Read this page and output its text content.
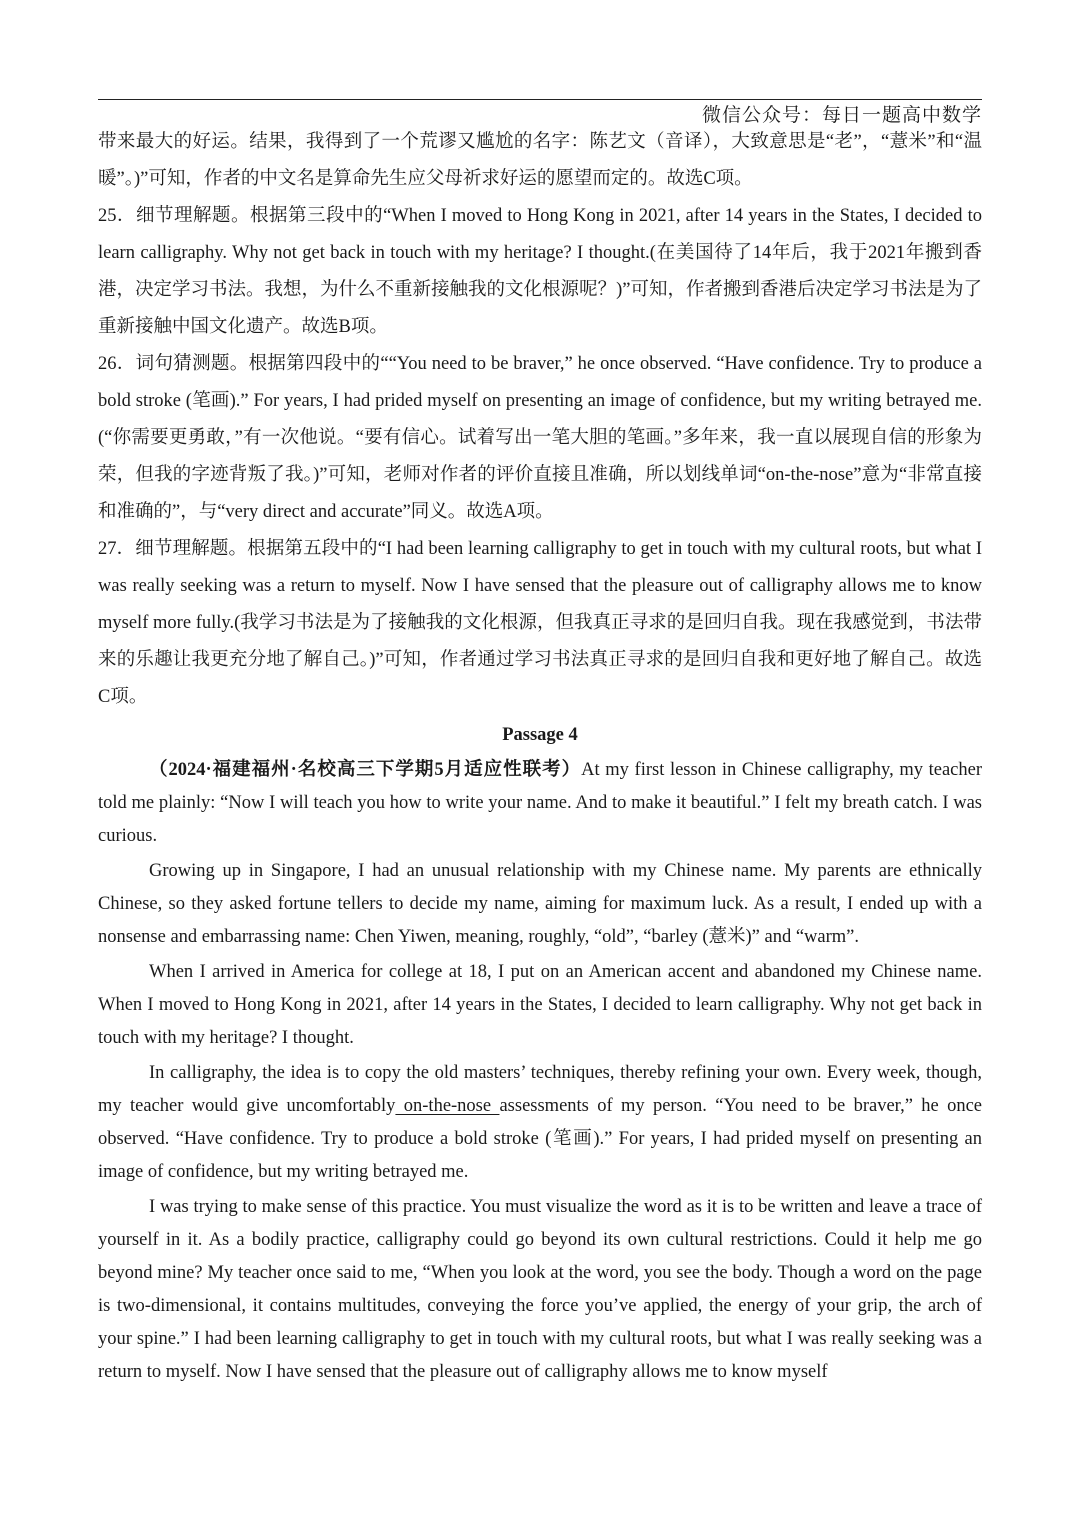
微信公众号：每日一题高中数学

带来最大的好运。结果，我得到了一个荒谬又尴尬的名字：陈艺文（音译），大致意思是“老”，“薏米”和“温暖”。)”可知，作者的中文名是算命先生应父母祈求好运的愿望而定的。故选C项。

25．细节理解题。根据第三段中的“When I moved to Hong Kong in 2021, after 14 years in the States, I decided to learn calligraphy. Why not get back in touch with my heritage? I thought.(在美国待了14年后，我于2021年搬到香港，决定学习书法。我想，为什么不重新接触我的文化根源呢？)”可知，作者搬到香港后决定学习书法是为了重新接触中国文化遗产。故选B项。

26．词句猜测题。根据第四段中的““You need to be braver,” he once observed. “Have confidence. Try to produce a bold stroke (笔画).” For years, I had prided myself on presenting an image of confidence, but my writing betrayed me. (“你需要更勇敢，”有一次他说。“要有信心。试着写出一笔大胆的笔画。”多年来，我一直以展现自信的形象为荣，但我的字迹背叛了我。)”可知，老师对作者的评价直接且准确，所以划线单词“on-the-nose”意为“非常直接和准确的”，与“very direct and accurate”同义。故选A项。

27．细节理解题。根据第五段中的“I had been learning calligraphy to get in touch with my cultural roots, but what I was really seeking was a return to myself. Now I have sensed that the pleasure out of calligraphy allows me to know myself more fully.(我学习书法是为了接触我的文化根源，但我真正寻求的是回归自我。现在我感觉到，书法带来的乐趣让我更充分地了解自己。)”可知，作者通过学习书法真正寻求的是回归自我和更好地了解自己。故选C项。

Passage 4

（2024·福建福州·名校高三下学期5月适应性联考）At my first lesson in Chinese calligraphy, my teacher told me plainly: “Now I will teach you how to write your name. And to make it beautiful.” I felt my breath catch. I was curious.

Growing up in Singapore, I had an unusual relationship with my Chinese name. My parents are ethnically Chinese, so they asked fortune tellers to decide my name, aiming for maximum luck. As a result, I ended up with a nonsense and embarrassing name: Chen Yiwen, meaning, roughly, “old”, “barley (薏米)” and “warm”.

When I arrived in America for college at 18, I put on an American accent and abandoned my Chinese name. When I moved to Hong Kong in 2021, after 14 years in the States, I decided to learn calligraphy. Why not get back in touch with my heritage? I thought.

In calligraphy, the idea is to copy the old masters’ techniques, thereby refining your own. Every week, though, my teacher would give uncomfortably on-the-nose assessments of my person. “You need to be braver,” he once observed. “Have confidence. Try to produce a bold stroke (笔画).” For years, I had prided myself on presenting an image of confidence, but my writing betrayed me.

I was trying to make sense of this practice. You must visualize the word as it is to be written and leave a trace of yourself in it. As a bodily practice, calligraphy could go beyond its own cultural restrictions. Could it help me go beyond mine? My teacher once said to me, “When you look at the word, you see the body. Though a word on the page is two-dimensional, it contains multitudes, conveying the force you’ve applied, the energy of your grip, the arch of your spine.” I had been learning calligraphy to get in touch with my cultural roots, but what I was really seeking was a return to myself. Now I have sensed that the pleasure out of calligraphy allows me to know myself
